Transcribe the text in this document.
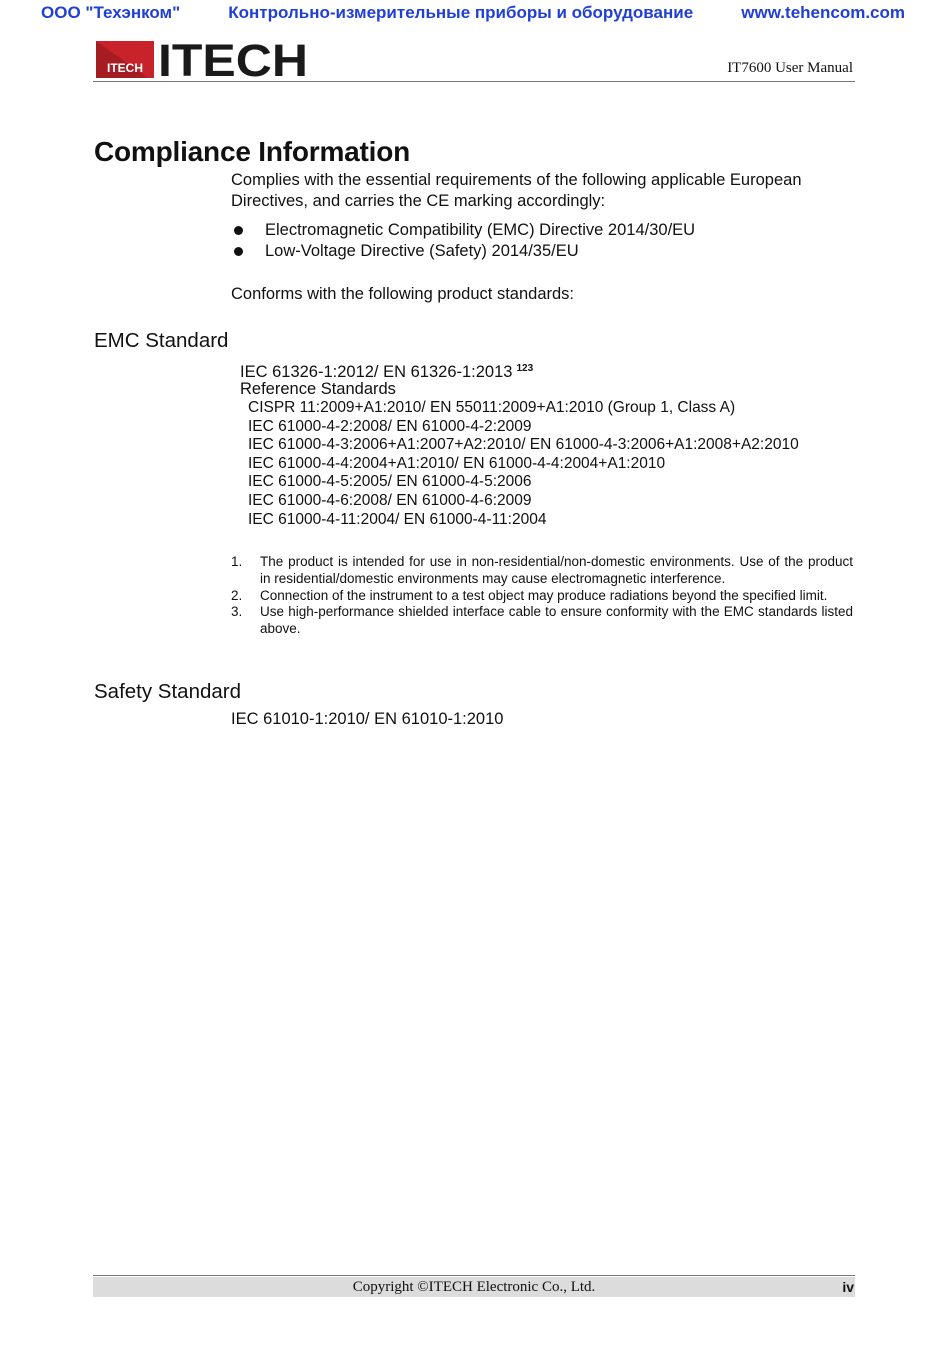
ООО "Техэнком"	Контрольно-измерительные приборы и оборудование	www.tehencom.com
ITECH ITECH	IT7600 User Manual
Compliance Information
Complies with the essential requirements of the following applicable European Directives, and carries the CE marking accordingly:
Electromagnetic Compatibility (EMC) Directive 2014/30/EU
Low-Voltage Directive (Safety) 2014/35/EU
Conforms with the following product standards:
EMC Standard
IEC 61326-1:2012/ EN 61326-1:2013 $^{123}$
Reference Standards
CISPR 11:2009+A1:2010/ EN 55011:2009+A1:2010 (Group 1, Class A)
IEC 61000-4-2:2008/ EN 61000-4-2:2009
IEC 61000-4-3:2006+A1:2007+A2:2010/ EN 61000-4-3:2006+A1:2008+A2:2010
IEC 61000-4-4:2004+A1:2010/ EN 61000-4-4:2004+A1:2010
IEC 61000-4-5:2005/ EN 61000-4-5:2006
IEC 61000-4-6:2008/ EN 61000-4-6:2009
IEC 61000-4-11:2004/ EN 61000-4-11:2004
1. The product is intended for use in non-residential/non-domestic environments. Use of the product in residential/domestic environments may cause electromagnetic interference.
2. Connection of the instrument to a test object may produce radiations beyond the specified limit.
3. Use high-performance shielded interface cable to ensure conformity with the EMC standards listed above.
Safety Standard
IEC 61010-1:2010/ EN 61010-1:2010
Copyright ©ITECH Electronic Co., Ltd.	iv
